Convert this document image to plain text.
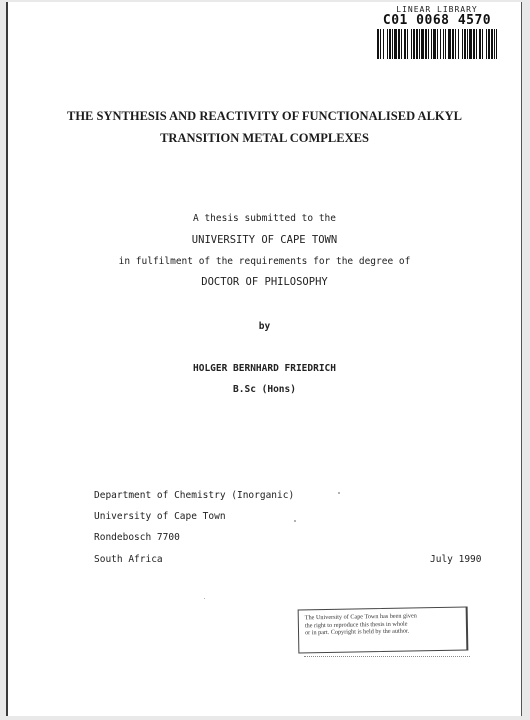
LINEAR LIBRARY
C01 0068 4570
THE SYNTHESIS AND REACTIVITY OF FUNCTIONALISED ALKYL
TRANSITION METAL COMPLEXES
A thesis submitted to the
UNIVERSITY OF CAPE TOWN
in fulfilment of the requirements for the degree of
DOCTOR OF PHILOSOPHY
by
HOLGER BERNHARD FRIEDRICH
B.Sc (Hons)
Department of Chemistry (Inorganic)
University of Cape Town
Rondebosch 7700
South Africa	July 1990
The University of Cape Town has been given
the right to reproduce this thesis in whole
or in part. Copyright is held by the author.
